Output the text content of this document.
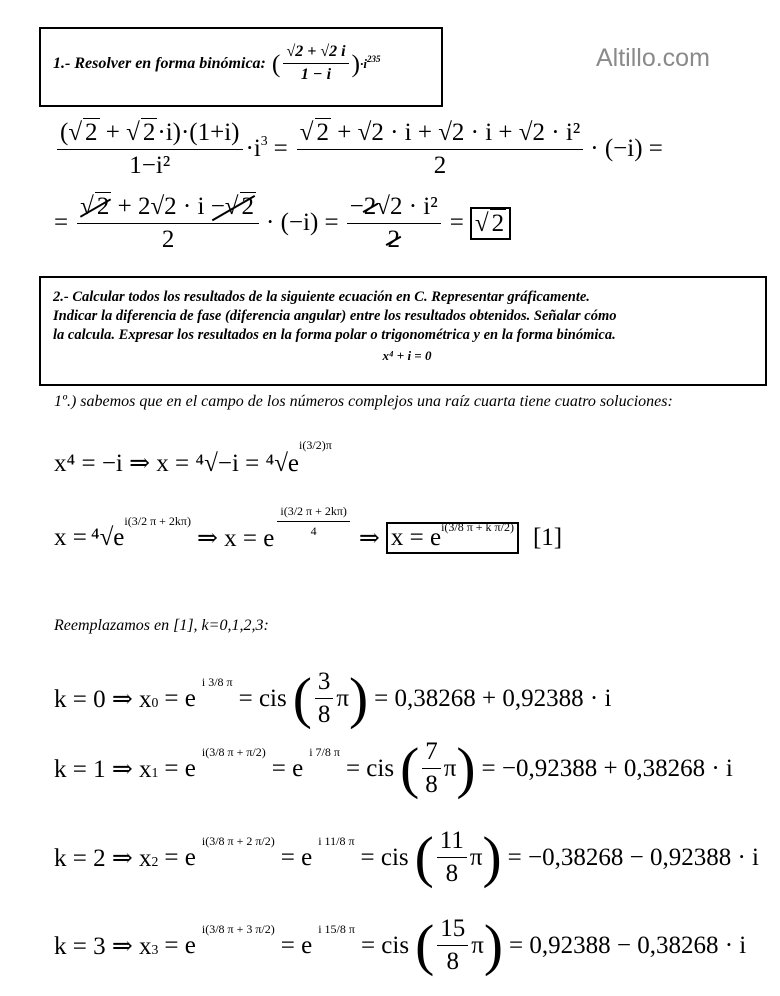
Altillo.com
1.- Resolver en forma binómica: ( $\frac{√2 + √2 i}{1 - i}$ ) ·i 235
$\frac{(√ 2 + √ 2\cdot i)\cdot(1+i)}{\text{1−i²}} \cdot i$ $3 = \frac{\text{√ 2 + √2 · i + √2 · i + √2 · i²}}{2} \cdot (-i)$ =
= $\frac{√ 2 + 2√2 \cdot i -√ 2}{2} \cdot (-i) = \frac{\text{−2√2 · i²}}{2}$ = √ 2
2.- Calcular todos los resultados de la siguiente ecuación en C. Representar gráficamente.
Indicar la diferencia de fase (diferencia angular) entre los resultados obtenidos. Señalar cómo
la calcula. Expresar los resultados en la forma polar o trigonométrica y en la forma binómica.
x⁴ + i = 0
1º.) sabemos que en el campo de los números complejos una raíz cuarta tiene cuatro soluciones:
x⁴ = −i ⇒ x = ⁴√−i = ⁴√e
i(3/2)π
x = ⁴√e
i(3/2 π + 2kπ)
⇒ x = e $\frac{i(3/2 \pi + 2k\pi)}{4}$ ⇒ $x = e^{i(3/8 \pi + k \pi/2)}$ [1]
Reemplazamos en [1], k=0,1,2,3:
k = 0 ⇒ x 0 = e
i 3/8 π
= cis ( $\frac{3}{8}$ π ) = 0,38268 + 0,92388 · i
k = 1 ⇒ x 1 = e
i(3/8 π + π/2)
= e
i 7/8 π
= cis ( $\frac{7}{8}$ π ) = −0,92388 + 0,38268 · i
k = 2 ⇒ x 2 = e
i(3/8 π + 2 π/2)
= e
i 11/8 π
= cis ( $\frac{11}{8}$ π ) = −0,38268 − 0,92388 · i
k = 3 ⇒ x 3 = e
i(3/8 π + 3 π/2)
= e
i 15/8 π
= cis ( $\frac{15}{8}$ π ) = 0,92388 − 0,38268 · i
